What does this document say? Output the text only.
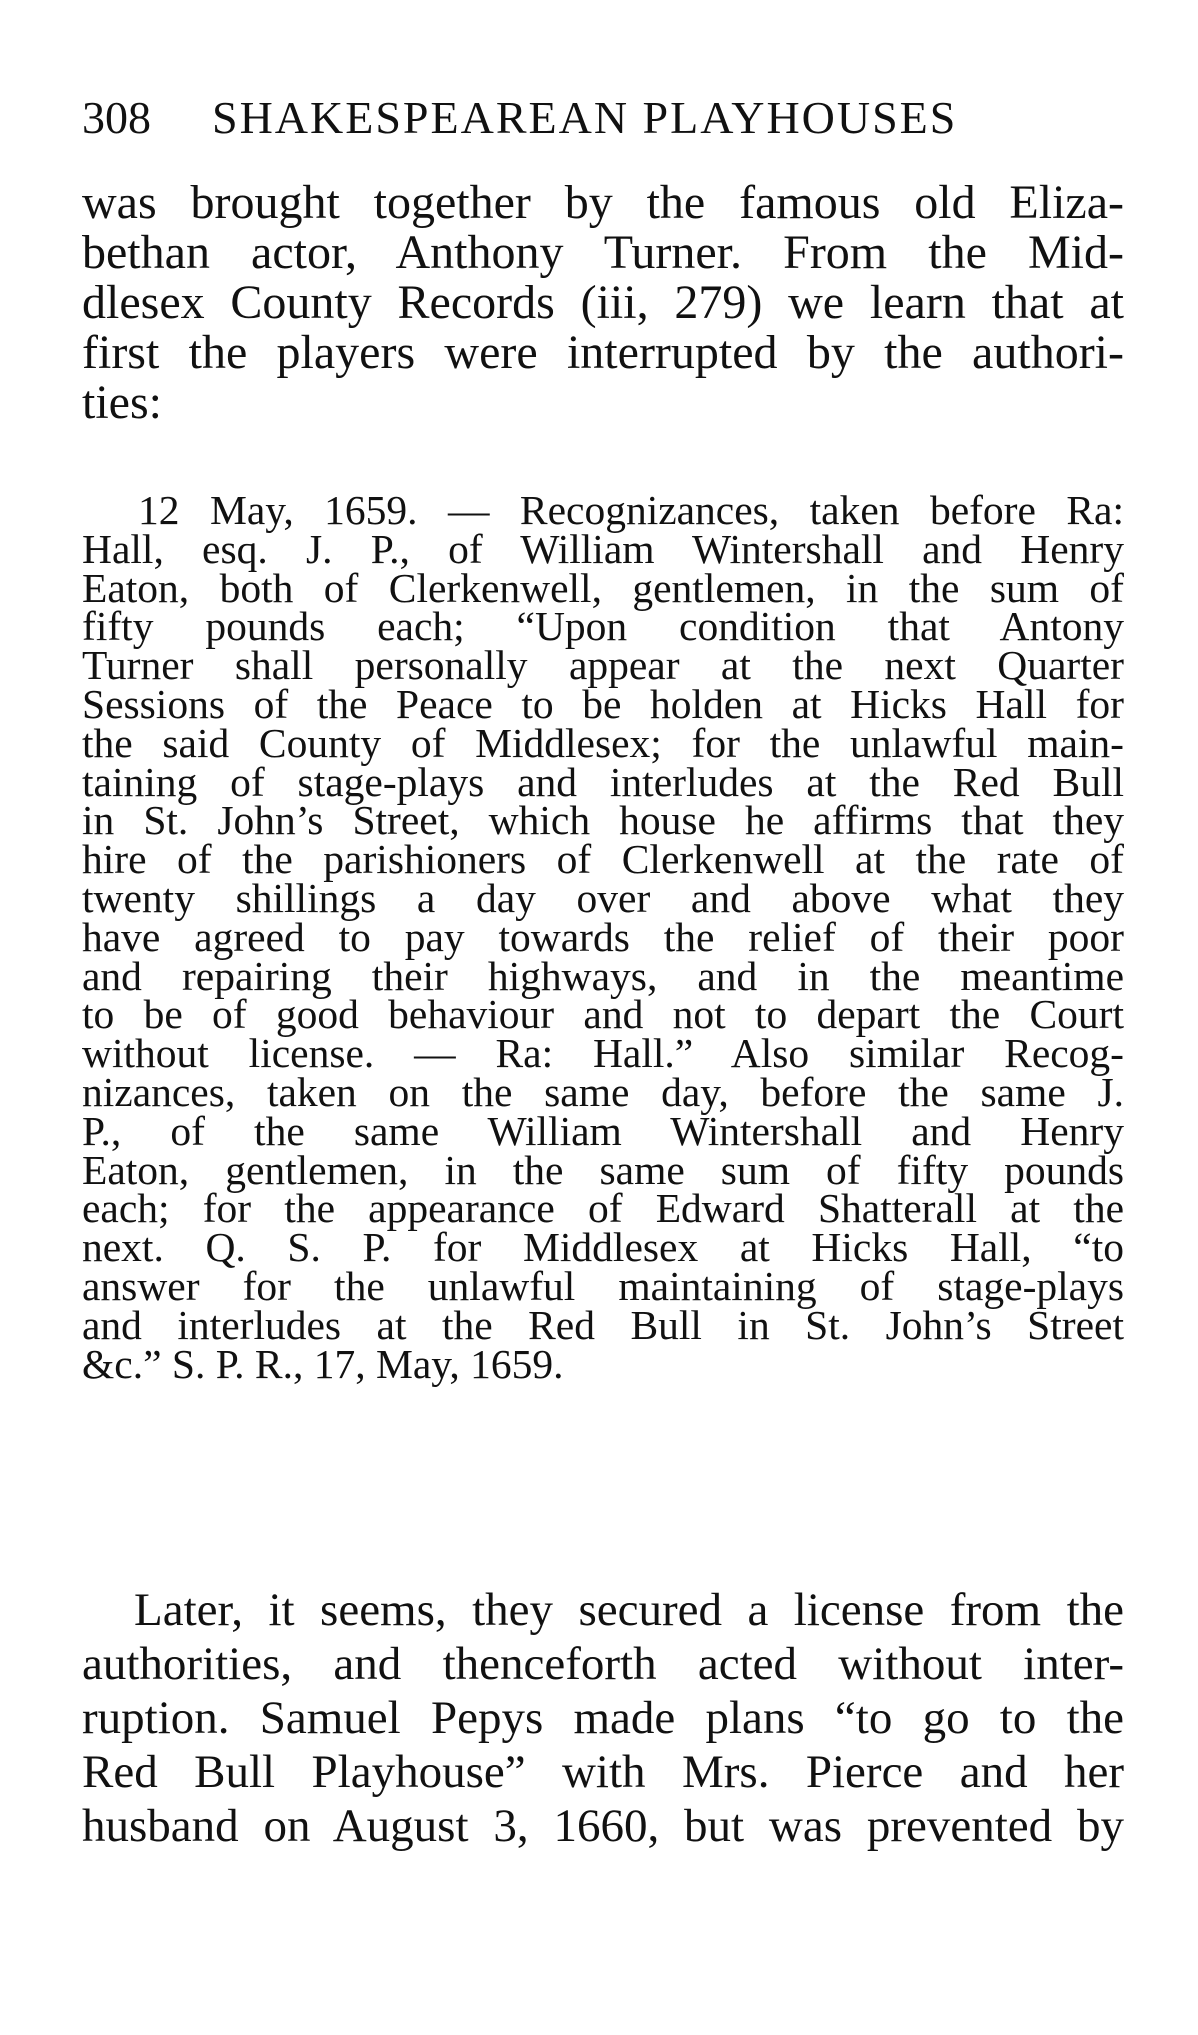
308 SHAKESPEAREAN PLAYHOUSES
was brought together by the famous old Eliza-
bethan actor, Anthony Turner. From the Mid-
dlesex County Records (iii, 279) we learn that at
first the players were interrupted by the authori-
ties:
12 May, 1659. — Recognizances, taken before Ra:
Hall, esq. J. P., of William Wintershall and Henry
Eaton, both of Clerkenwell, gentlemen, in the sum of
fifty pounds each; “Upon condition that Antony
Turner shall personally appear at the next Quarter
Sessions of the Peace to be holden at Hicks Hall for
the said County of Middlesex; for the unlawful main-
taining of stage-plays and interludes at the Red Bull
in St. John’s Street, which house he affirms that they
hire of the parishioners of Clerkenwell at the rate of
twenty shillings a day over and above what they
have agreed to pay towards the relief of their poor
and repairing their highways, and in the meantime
to be of good behaviour and not to depart the Court
without license. — Ra: Hall.” Also similar Recog-
nizances, taken on the same day, before the same J.
P., of the same William Wintershall and Henry
Eaton, gentlemen, in the same sum of fifty pounds
each; for the appearance of Edward Shatterall at the
next. Q. S. P. for Middlesex at Hicks Hall, “to
answer for the unlawful maintaining of stage-plays
and interludes at the Red Bull in St. John’s Street
&c.” S. P. R., 17, May, 1659.
Later, it seems, they secured a license from the
authorities, and thenceforth acted without inter-
ruption. Samuel Pepys made plans “to go to the
Red Bull Playhouse” with Mrs. Pierce and her
husband on August 3, 1660, but was prevented by
